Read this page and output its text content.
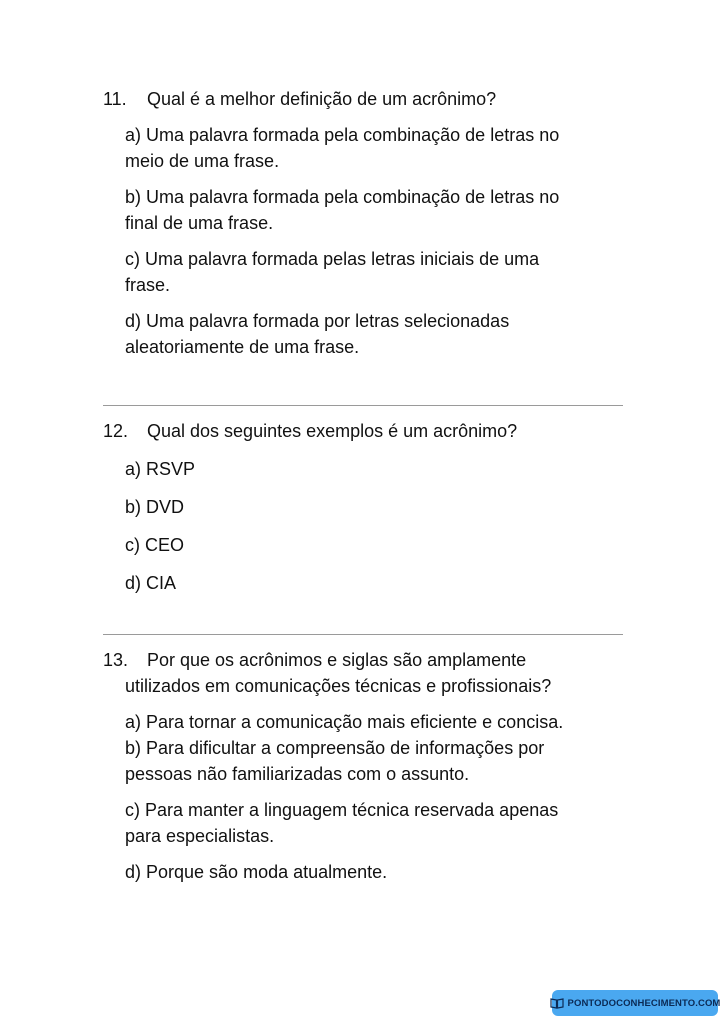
11.	Qual é a melhor definição de um acrônimo?
a) Uma palavra formada pela combinação de letras no
meio de uma frase.
b) Uma palavra formada pela combinação de letras no
final de uma frase.
c) Uma palavra formada pelas letras iniciais de uma
frase.
d) Uma palavra formada por letras selecionadas
aleatoriamente de uma frase.
12.	Qual dos seguintes exemplos é um acrônimo?
a) RSVP
b) DVD
c) CEO
d) CIA
13.	Por que os acrônimos e siglas são amplamente
utilizados em comunicações técnicas e profissionais?
a) Para tornar a comunicação mais eficiente e concisa.
b) Para dificultar a compreensão de informações por
pessoas não familiarizadas com o assunto.
c) Para manter a linguagem técnica reservada apenas
para especialistas.
d) Porque são moda atualmente.
PONTODOCONHECIMENTO.COM
